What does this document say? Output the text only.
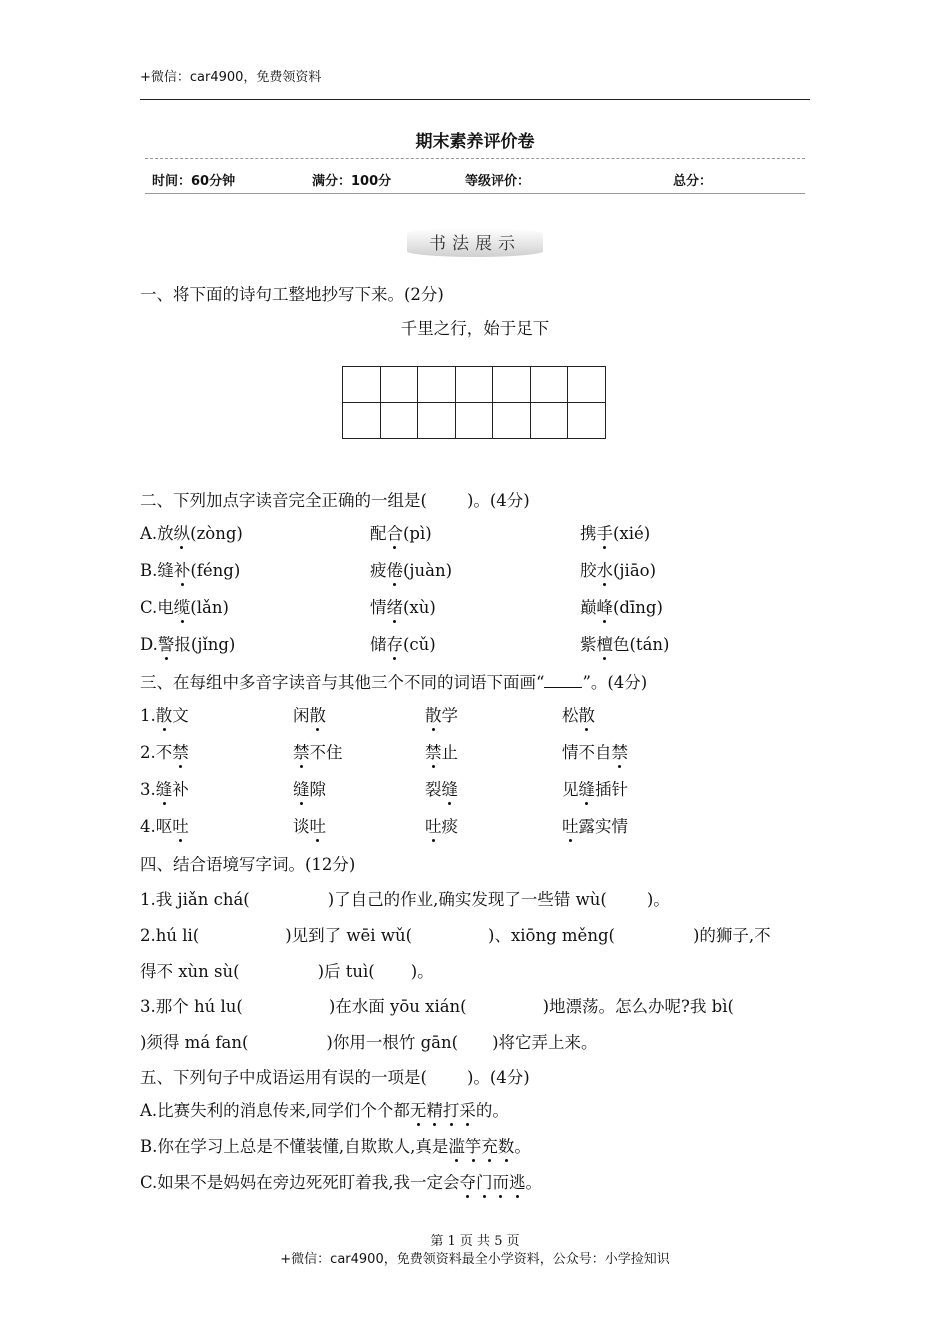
+微信：car4900，免费领资料
期末素养评价卷
时间：60分钟	满分：100分	等级评价：	总分：
书法展示
一、将下面的诗句工整地抄写下来。(2分)
千里之行，始于足下

二、下列加点字读音完全正确的一组是( )。(4分)
A.放纵(zòng)	配合(pì)	携手(xié)
B.缝补(féng)	疲倦(juàn)	胶水(jiāo)
C.电缆(lǎn)	情绪(xù)	巅峰(dīng)
D.警报(jǐng)	储存(cǔ)	紫檀色(tán)
三、在每组中多音字读音与其他三个不同的词语下面画“ ”。(4分)
1.散文	闲散	散学	松散
2.不禁	禁不住	禁止	情不自禁
3.缝补	缝隙	裂缝	见缝插针
4.呕吐	谈吐	吐痰	吐露实情
四、结合语境写字词。(12分)
1.我 jiǎn chá(	)了自己的作业,确实发现了一些错 wù( )。
2.hú li(	)见到了 wēi wǔ(	)、xiōng měng(	)的狮子,不
得不 xùn sù(	)后 tuì( )。
3.那个 hú lu(	)在水面 yōu xián(	)地漂荡。怎么办呢?我 bì(
)须得 má fan(	)你用一根竹 gān( )将它弄上来。
五、下列句子中成语运用有误的一项是( )。(4分)
A.比赛失利的消息传来,同学们个个都无精打采的。
B.你在学习上总是不懂装懂,自欺欺人,真是滥竽充数。
C.如果不是妈妈在旁边死死盯着我,我一定会夺门而逃。
第 1 页 共 5 页
+微信：car4900，免费领资料最全小学资料，公众号：小学捡知识
